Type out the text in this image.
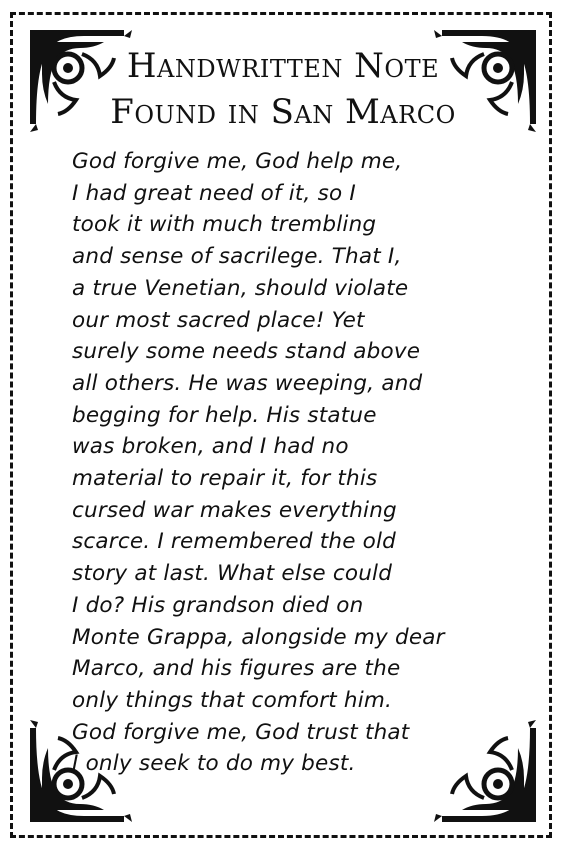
Handwritten Note
Found in San Marco
God forgive me, God help me,
I had great need of it, so I
took it with much trembling
and sense of sacrilege. That I,
a true Venetian, should violate
our most sacred place! Yet
surely some needs stand above
all others. He was weeping, and
begging for help. His statue
was broken, and I had no
material to repair it, for this
cursed war makes everything
scarce. I remembered the old
story at last. What else could
I do? His grandson died on
Monte Grappa, alongside my dear
Marco, and his figures are the
only things that comfort him.
God forgive me, God trust that
I only seek to do my best.
